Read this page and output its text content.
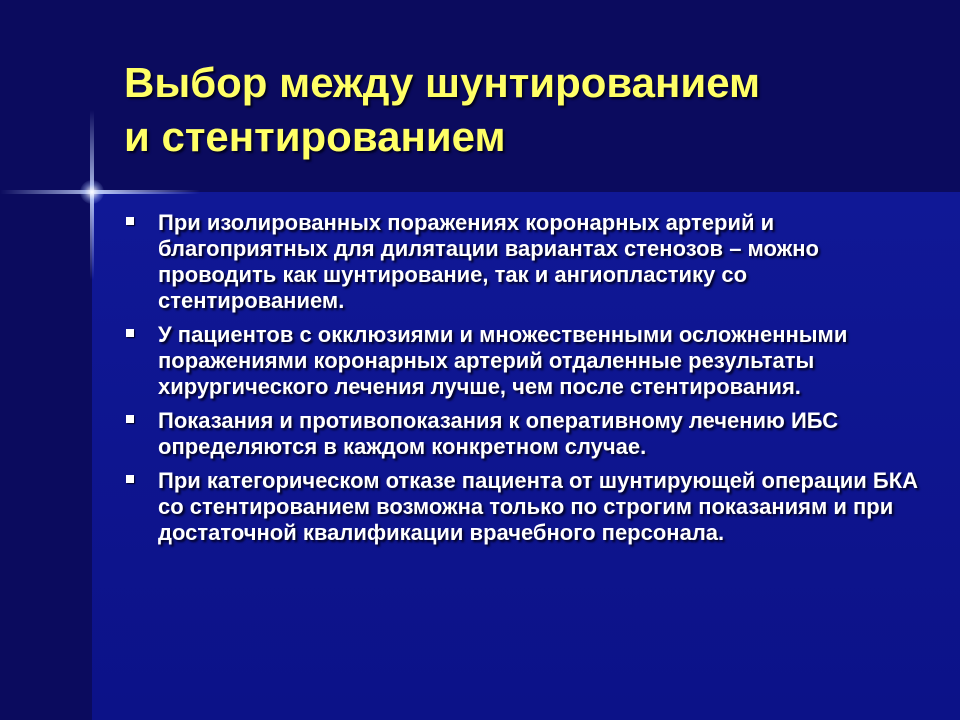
Выбор между шунтированием
и стентированием
При изолированных поражениях коронарных артерий и благоприятных для дилятации вариантах стенозов – можно проводить как шунтирование, так и ангиопластику со стентированием.
У пациентов с окклюзиями и множественными осложненными поражениями коронарных артерий отдаленные результаты хирургического лечения лучше, чем после стентирования.
Показания и противопоказания к оперативному лечению ИБС определяются в каждом конкретном случае.
При категорическом отказе пациента от шунтирующей операции БКА со стентированием возможна только по строгим показаниям и при достаточной квалификации врачебного персонала.
